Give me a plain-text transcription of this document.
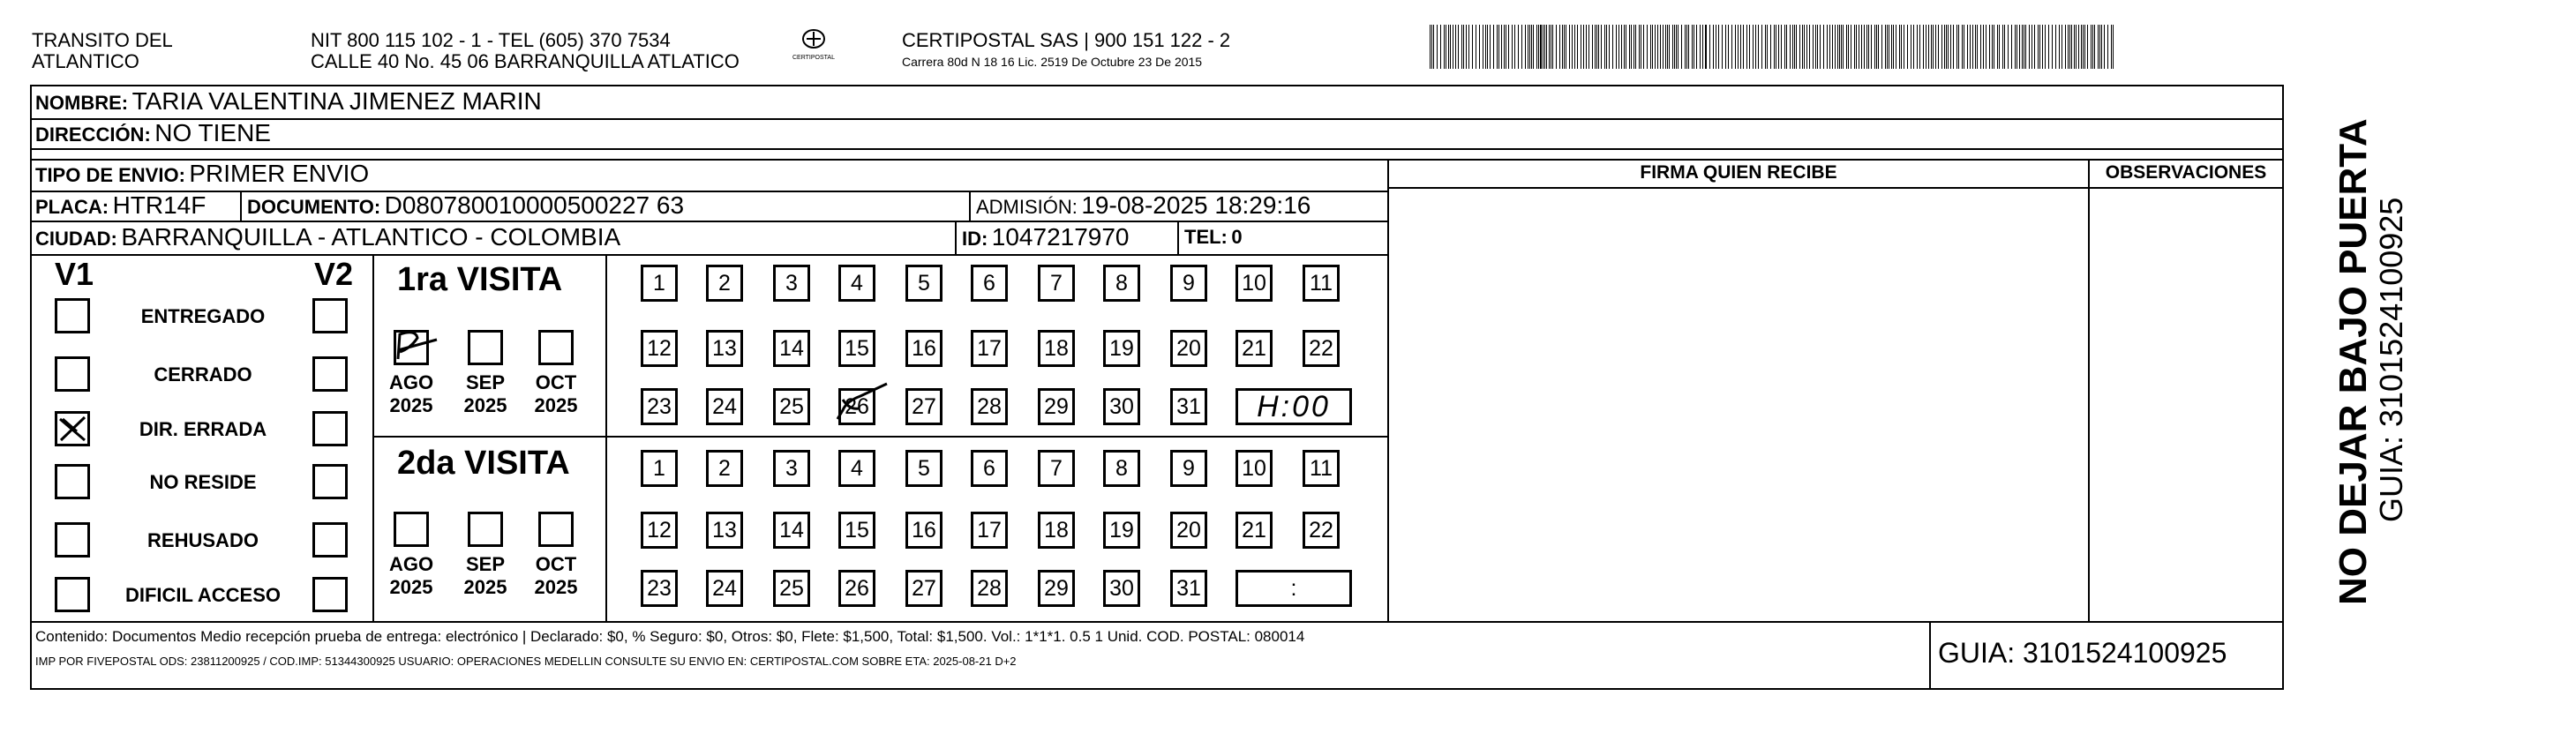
TRANSITO DEL
ATLANTICO
NIT 800 115 102 - 1 - TEL (605) 370 7534
CALLE 40 No. 45 06 BARRANQUILLA ATLATICO	CERTIPOSTAL
CERTIPOSTAL SAS | 900 151 122 - 2
Carrera 80d N 18 16 Lic. 2519 De Octubre 23 De 2015
NOMBRE: TARIA VALENTINA JIMENEZ MARIN
DIRECCIÓN: NO TIENE
TIPO DE ENVIO: PRIMER ENVIO
PLACA: HTR14F DOCUMENTO: D080780010000500227 63	ADMISIÓN: 19-08-2025 18:29:16
CIUDAD: BARRANQUILLA - ATLANTICO - COLOMBIA	ID: 1047217970	TEL: 0
FIRMA QUIEN RECIBE	OBSERVACIONES
V1	V2
ENTREGADO
CERRADO
DIR. ERRADA
NO RESIDE
REHUSADO
DIFICIL ACCESO
1ra VISITA
AGO
2025
SEP
2025
OCT
2025
1	2	3	4	5	6	7	8	9	10	11
12 13 14 15 16 17 18 19 20 21 22
23 24 25 26 27 28 29 30 31	H:00
2da VISITA
AGO
2025
SEP
2025
OCT
2025
1	2	3	4	5	6	7	8	9	10	11
12 13 14 15 16 17 18 19 20 21 22
23 24 25 26 27 28 29 30 31	:	NO DEJAR BAJO PUERTA
GUIA: 3101524100925
Contenido: Documentos Medio recepción prueba de entrega: electrónico | Declarado: $0, % Seguro: $0, Otros: $0, Flete: $1,500, Total: $1,500. Vol.: 1*1*1. 0.5 1 Unid. COD. POSTAL: 080014
IMP POR FIVEPOSTAL ODS: 23811200925 / COD.IMP: 51344300925 USUARIO: OPERACIONES MEDELLIN CONSULTE SU ENVIO EN: CERTIPOSTAL.COM SOBRE ETA: 2025-08-21 D+2	GUIA: 3101524100925
